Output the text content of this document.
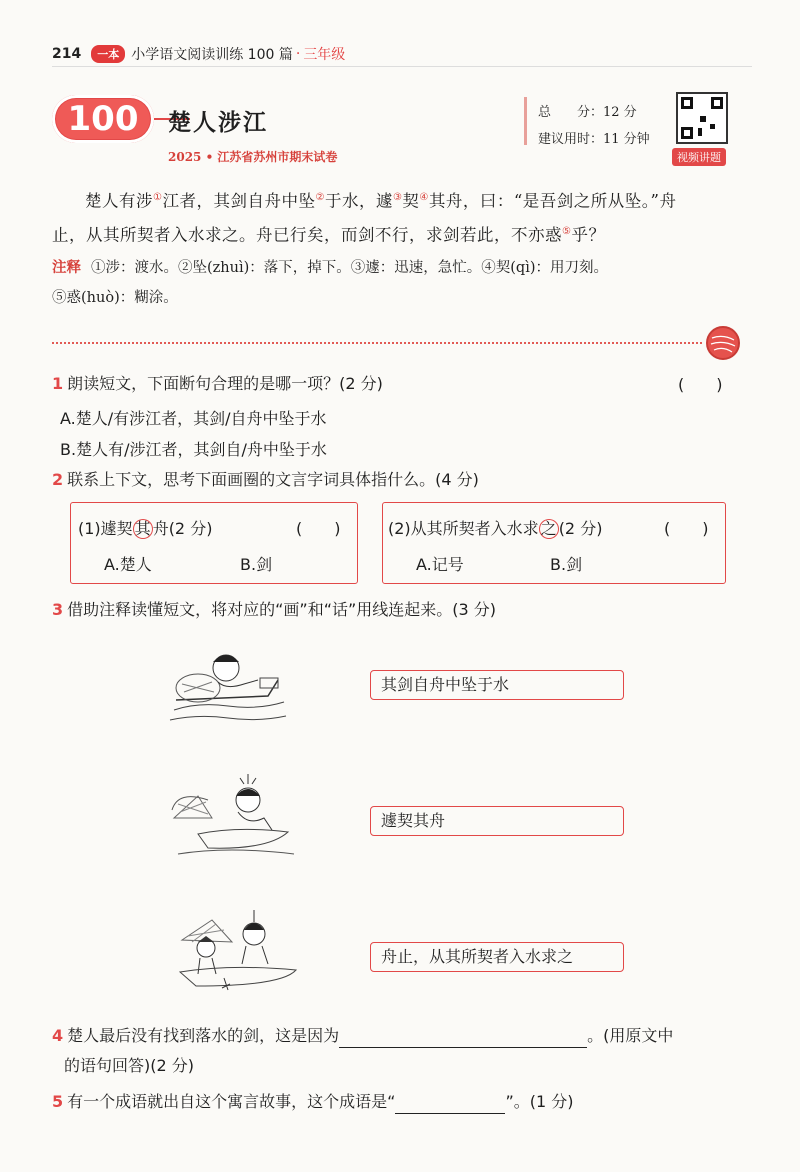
214	一本 小学语文阅读训练 100 篇 · 三年级
100	楚人涉江
2025 • 江苏省苏州市期末试卷
总　　分：12 分
建议用时：11 分钟
视频讲题
楚人有涉①江者，其剑自舟中坠②于水，遽③契④其舟，曰：“是吾剑之所从坠。”舟
止，从其所契者入水求之。舟已行矣，而剑不行，求剑若此，不亦惑⑤乎？
注释 ①涉：渡水。②坠(zhuì)：落下，掉下。③遽：迅速，急忙。④契(qì)：用刀刻。
⑤惑(huò)：糊涂。
1 朗读短文，下面断句合理的是哪一项？(2 分)	(　　)
A.楚人/有涉江者，其剑/自舟中坠于水
B.楚人有/涉江者，其剑自/舟中坠于水
2 联系上下文，思考下面画圈的文言字词具体指什么。(4 分)
(1)遽契 其 舟(2 分)	(　　)
A.楚人	B.剑
(2)从其所契者入水求 之 (2 分)	(　　)
A.记号	B.剑
3 借助注释读懂短文，将对应的“画”和“话”用线连起来。(3 分)
其剑自舟中坠于水
遽契其舟
舟止，从其所契者入水求之
4 楚人最后没有找到落水的剑，这是因为	。(用原文中
的语句回答)(2 分)
5 有一个成语就出自这个寓言故事，这个成语是“	”。(1 分)
